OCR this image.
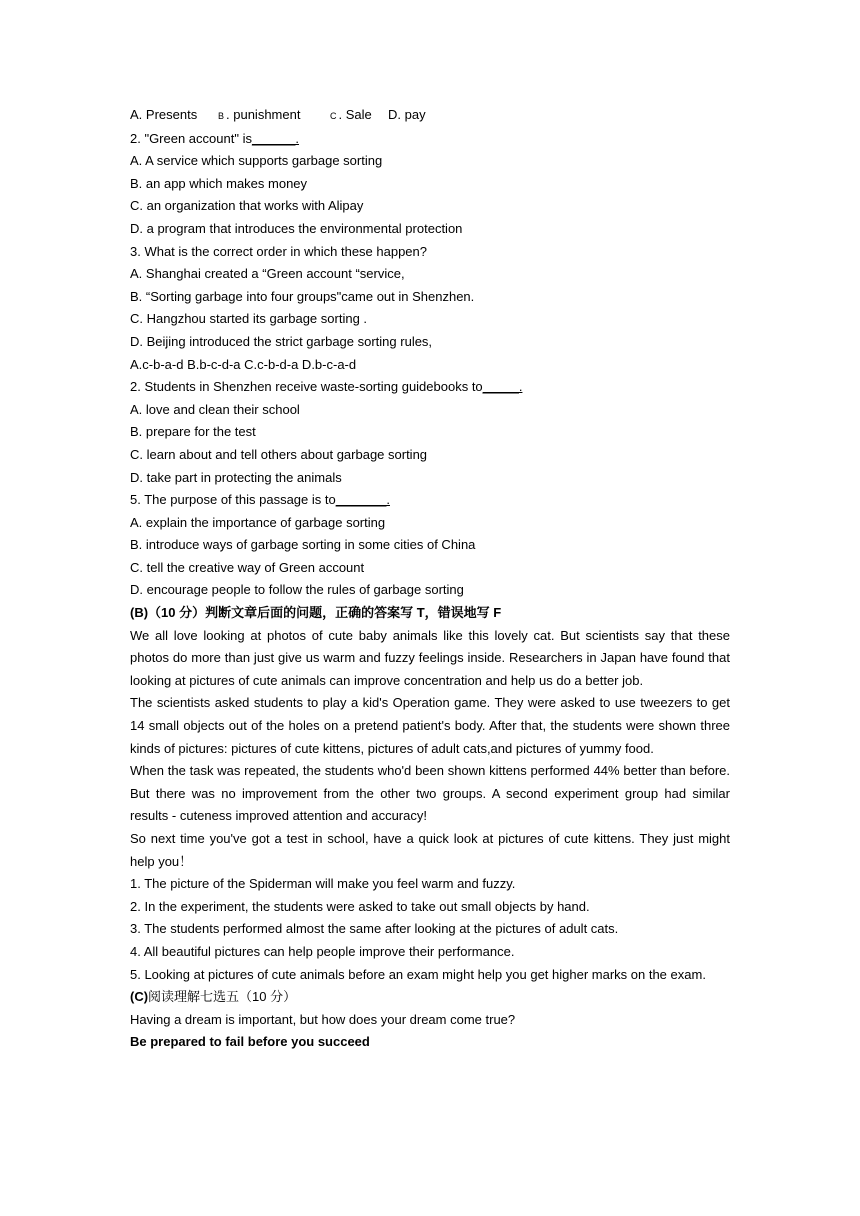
A. Presents B . punishment	C . Sale D. pay
2. "Green account" is______.
A. A service which supports garbage sorting
B. an app which makes money
C. an organization that works with Alipay
D. a program that introduces the environmental protection
3. What is the correct order in which these happen?
A. Shanghai created a “Green account “service,
B. “Sorting garbage into four groups"came out in Shenzhen.
C. Hangzhou started its garbage sorting .
D. Beijing introduced the strict garbage sorting rules,
A.c-b-a-d B.b-c-d-a C.c-b-d-a D.b-c-a-d
2. Students in Shenzhen receive waste-sorting guidebooks to_____.
A. love and clean their school
B. prepare for the test
C. learn about and tell others about garbage sorting
D. take part in protecting the animals
5. The purpose of this passage is to_______.
A. explain the importance of garbage sorting
B. introduce ways of garbage sorting in some cities of China
C. tell the creative way of Green account
D. encourage people to follow the rules of garbage sorting
(B)（10 分）判断文章后面的问题，正确的答案写 T，错误地写 F
We all love looking at photos of cute baby animals like this lovely cat. But scientists say that these photos do more than just give us warm and fuzzy feelings inside. Researchers in Japan have found that looking at pictures of cute animals can improve concentration and help us do a better job.
The scientists asked students to play a kid's Operation game. They were asked to use tweezers to get 14 small objects out of the holes on a pretend patient's body. After that, the students were shown three kinds of pictures: pictures of cute kittens, pictures of adult cats,and pictures of yummy food.
When the task was repeated, the students who'd been shown kittens performed 44% better than before. But there was no improvement from the other two groups. A second experiment group had similar results - cuteness improved attention and accuracy!
So next time you've got a test in school, have a quick look at pictures of cute kittens. They just might help you！
1. The picture of the Spiderman will make you feel warm and fuzzy.
2. In the experiment, the students were asked to take out small objects by hand.
3. The students performed almost the same after looking at the pictures of adult cats.
4. All beautiful pictures can help people improve their performance.
5. Looking at pictures of cute animals before an exam might help you get higher marks on the exam.
(C)阅读理解七选五（10 分）
Having a dream is important, but how does your dream come true?
Be prepared to fail before you succeed
